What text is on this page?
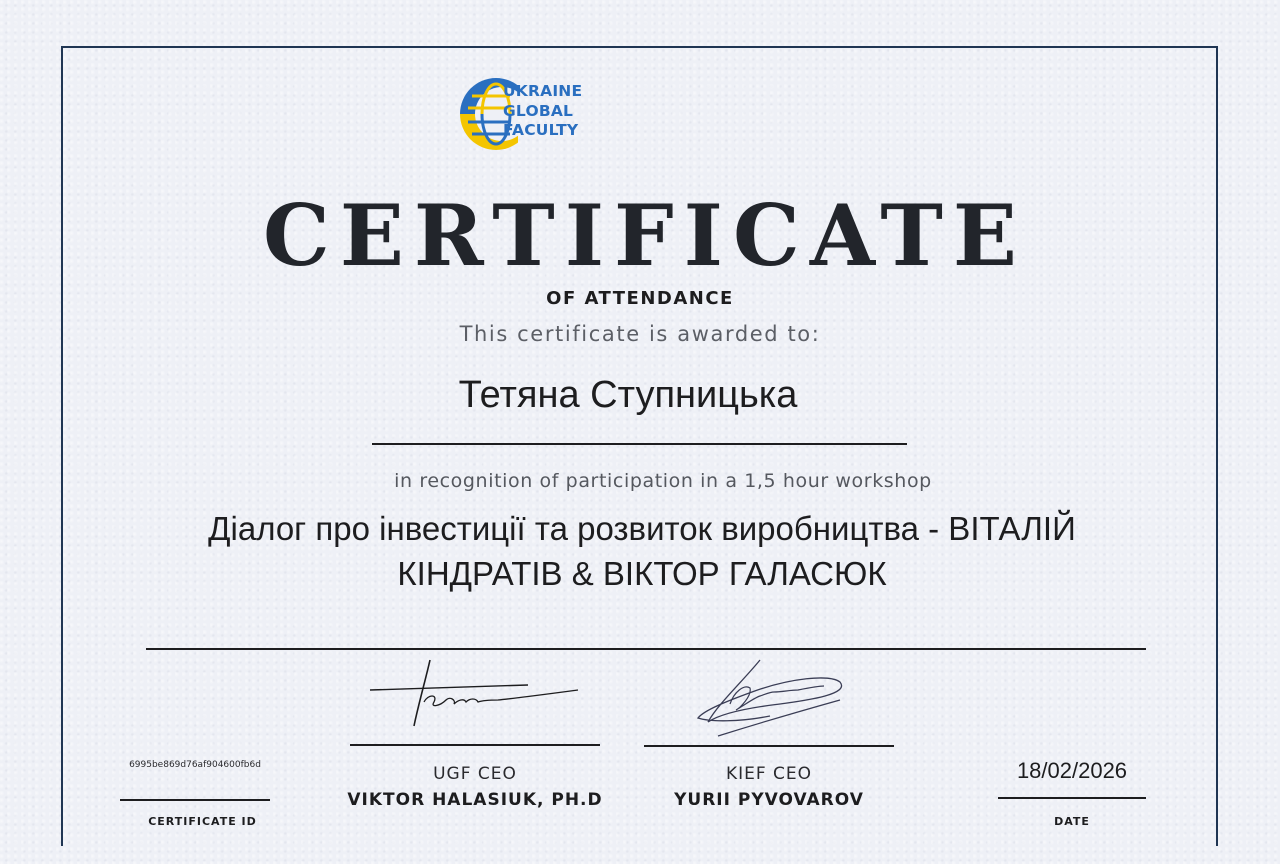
UKRAINE
GLOBAL
FACULTY
CERTIFICATE
OF ATTENDANCE
This certificate is awarded to:
Тетяна Ступницька
in recognition of participation in a 1,5 hour workshop
Діалог про інвестиції та розвиток виробництва - ВІТАЛІЙ КІНДРАТІВ & ВІКТОР ГАЛАСЮК
UGF CEO
VIKTOR HALASIUK, PH.D
KIEF CEO
YURII PYVOVAROV
6995be869d76af904600fb6d
CERTIFICATE ID
18/02/2026
DATE
